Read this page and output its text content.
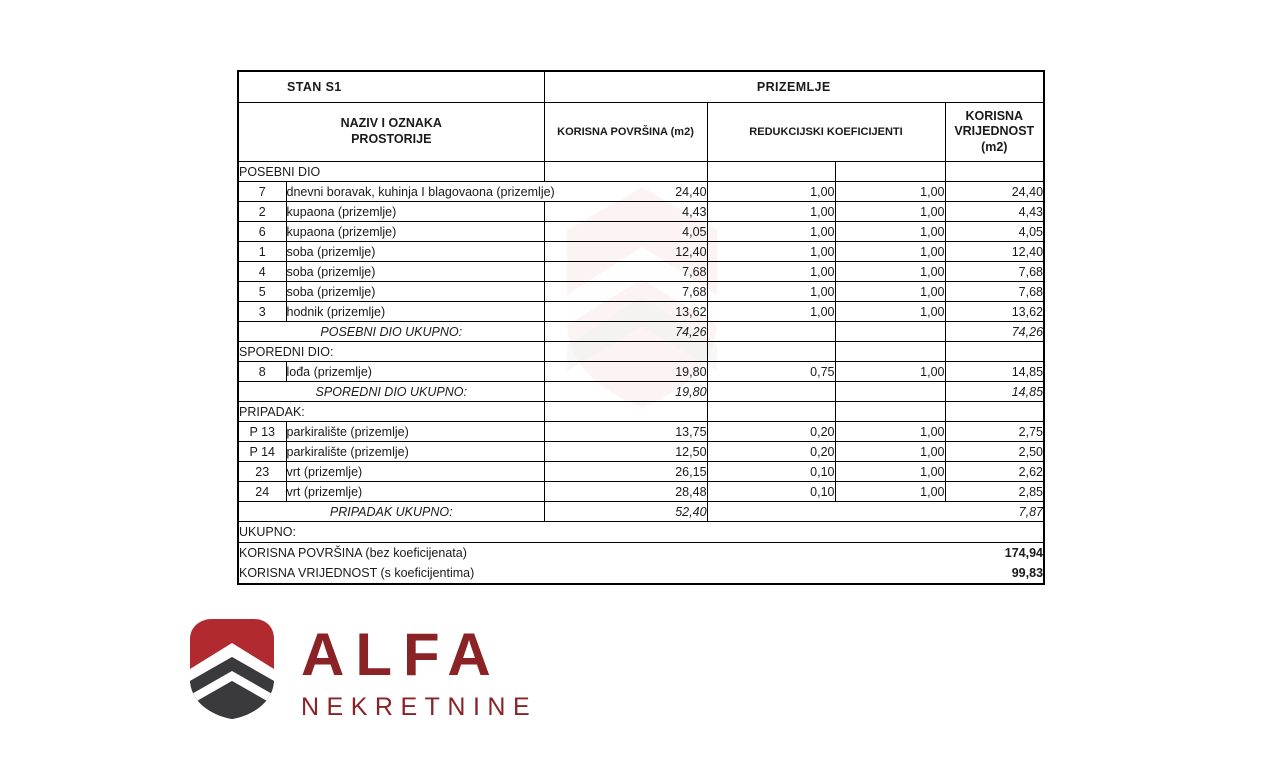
STAN S1		PRIZEMLJE			

NAZIV I OZNAKA
PROSTORIJE	KORISNA POVRŠINA (m2)	REDUKCIJSKI KOEFICIJENTI	
KORISNA
VRIJEDNOST
(m2)

POSEBNI DIO					
7	dnevni boravak, kuhinja I blagovaona (prizemlje)	24,40	1,00	1,00	24,40
2	kupaona (prizemlje)	4,43	1,00	1,00	4,43
6	kupaona (prizemlje)	4,05	1,00	1,00	4,05
1	soba (prizemlje)	12,40	1,00	1,00	12,40
4	soba (prizemlje)	7,68	1,00	1,00	7,68
5	soba (prizemlje)	7,68	1,00	1,00	7,68
3	hodnik (prizemlje)	13,62	1,00	1,00	13,62
POSEBNI DIO UKUPNO:		74,26			74,26
SPOREDNI DIO:					
8	lođa (prizemlje)	19,80	0,75	1,00	14,85
SPOREDNI DIO UKUPNO:		19,80			14,85
PRIPADAK:					
P 13	parkiralište (prizemlje)	13,75	0,20	1,00	2,75
P 14	parkiralište (prizemlje)	12,50	0,20	1,00	2,50
23	vrt (prizemlje)	26,15	0,10	1,00	2,62
24	vrt (prizemlje)	28,48	0,10	1,00	2,85
PRIPADAK UKUPNO:		52,40			7,87
UKUPNO:					
KORISNA POVRŠINA (bez koeficijenata)					174,94
KORISNA VRIJEDNOST (s koeficijentima)					99,83
ALFA
NEKRETNINE
